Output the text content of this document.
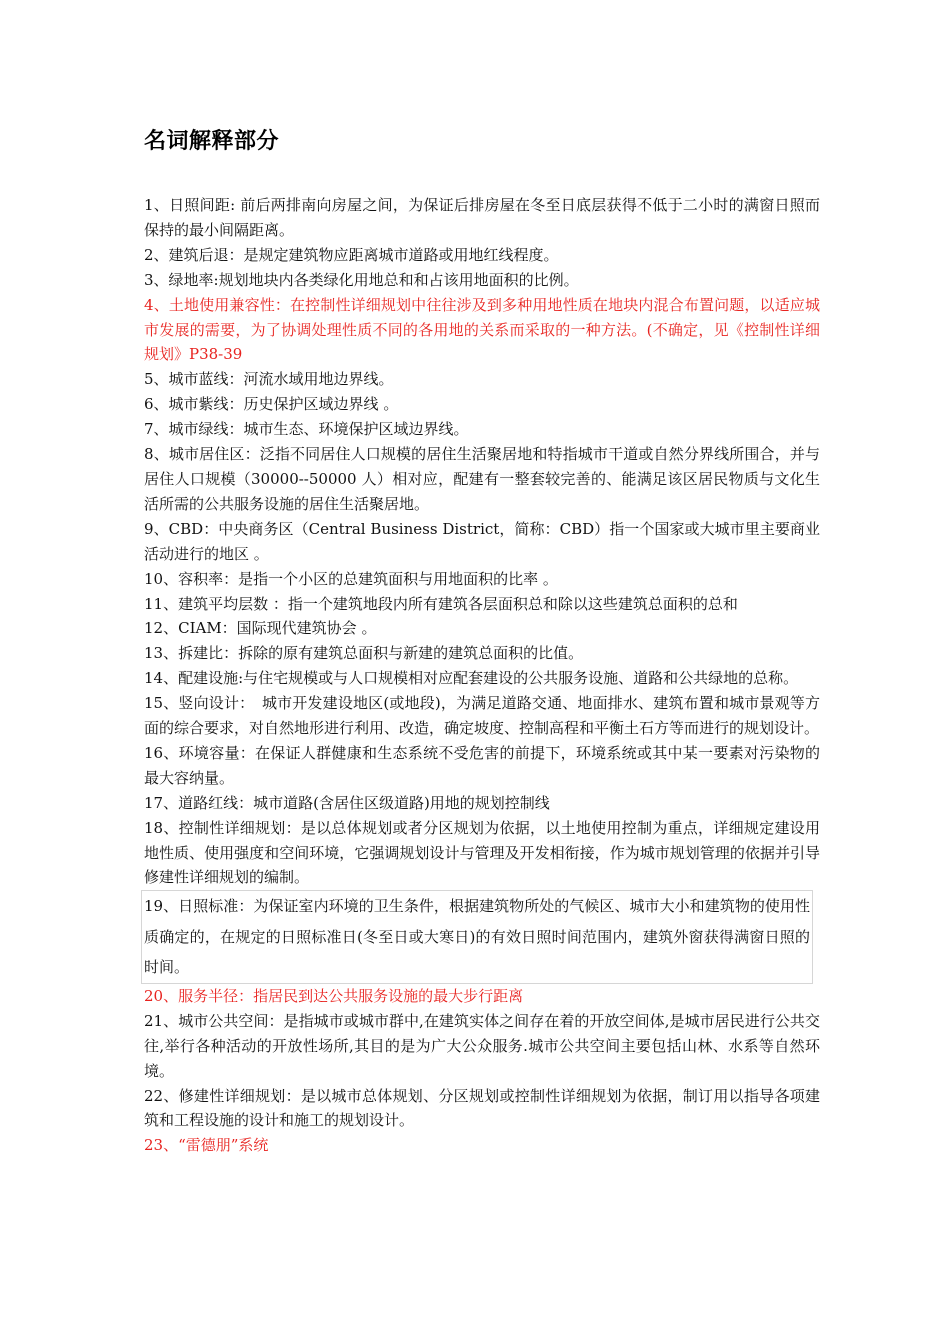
名词解释部分

1、日照间距: 前后两排南向房屋之间，为保证后排房屋在冬至日底层获得不低于二小时的满窗日照而保持的最小间隔距离。

2、建筑后退：是规定建筑物应距离城市道路或用地红线程度。

3、绿地率:规划地块内各类绿化用地总和和占该用地面积的比例。

4、土地使用兼容性：在控制性详细规划中往往涉及到多种用地性质在地块内混合布置问题，以适应城市发展的需要，为了协调处理性质不同的各用地的关系而采取的一种方法。(不确定，见《控制性详细规划》P38-39

5、城市蓝线：河流水域用地边界线。

6、城市紫线：历史保护区域边界线 。

7、城市绿线：城市生态、环境保护区域边界线。

8、城市居住区：泛指不同居住人口规模的居住生活聚居地和特指城市干道或自然分界线所围合，并与居住人口规模（30000--50000 人）相对应，配建有一整套较完善的、能满足该区居民物质与文化生活所需的公共服务设施的居住生活聚居地。

9、CBD：中央商务区（Central Business District，简称：CBD）指一个国家或大城市里主要商业活动进行的地区 。

10、容积率：是指一个小区的总建筑面积与用地面积的比率 。

11、建筑平均层数 ：指一个建筑地段内所有建筑各层面积总和除以这些建筑总面积的总和

12、CIAM：国际现代建筑协会 。

13、拆建比：拆除的原有建筑总面积与新建的建筑总面积的比值。

14、配建设施:与住宅规模或与人口规模相对应配套建设的公共服务设施、道路和公共绿地的总称。

15、竖向设计：　城市开发建设地区(或地段)，为满足道路交通、地面排水、建筑布置和城市景观等方面的综合要求，对自然地形进行利用、改造，确定坡度、控制高程和平衡土石方等而进行的规划设计。

16、环境容量：在保证人群健康和生态系统不受危害的前提下，环境系统或其中某一要素对污染物的最大容纳量。

17、道路红线：城市道路(含居住区级道路)用地的规划控制线

18、控制性详细规划：是以总体规划或者分区规划为依据，以土地使用控制为重点，详细规定建设用地性质、使用强度和空间环境，它强调规划设计与管理及开发相衔接，作为城市规划管理的依据并引导修建性详细规划的编制。

19、日照标准：为保证室内环境的卫生条件，根据建筑物所处的气候区、城市大小和建筑物的使用性质确定的，在规定的日照标准日(冬至日或大寒日)的有效日照时间范围内，建筑外窗获得满窗日照的时间。

20、服务半径：指居民到达公共服务设施的最大步行距离

21、城市公共空间：是指城市或城市群中,在建筑实体之间存在着的开放空间体,是城市居民进行公共交往,举行各种活动的开放性场所,其目的是为广大公众服务.城市公共空间主要包括山林、水系等自然环境。

22、修建性详细规划：是以城市总体规划、分区规划或控制性详细规划为依据，制订用以指导各项建筑和工程设施的设计和施工的规划设计。

23、“雷德朋”系统
